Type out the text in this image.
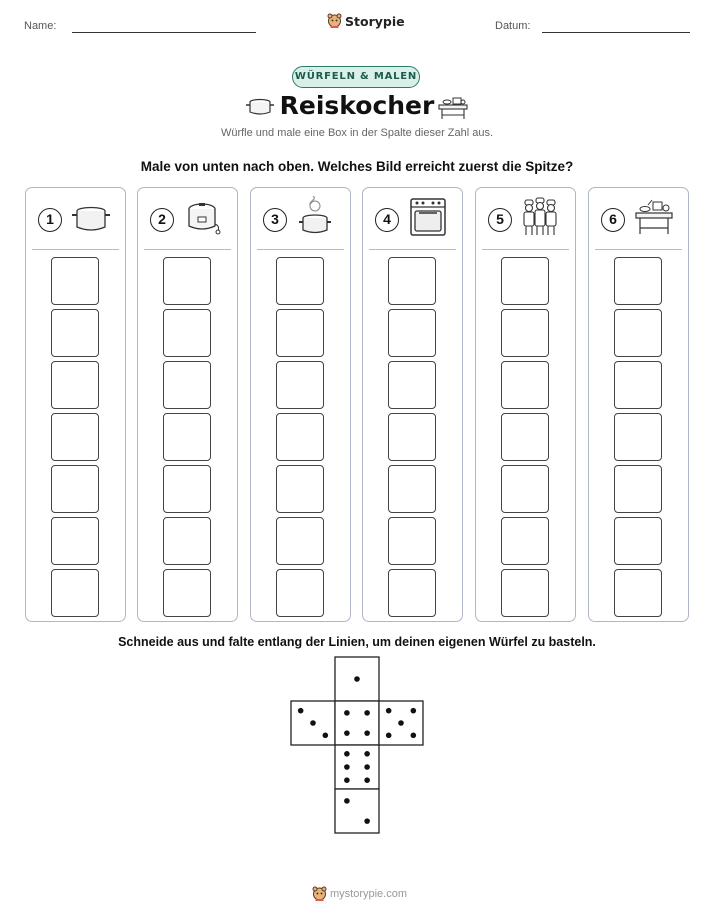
Name:	Storypie	Datum:
WÜRFELN & MALEN
Reiskocher
Würfle und male eine Box in der Spalte dieser Zahl aus.
Male von unten nach oben. Welches Bild erreicht zuerst die Spitze?
1	2	3	4	5	6
Schneide aus und falte entlang der Linien, um deinen eigenen Würfel zu basteln.
mystorypie.com
